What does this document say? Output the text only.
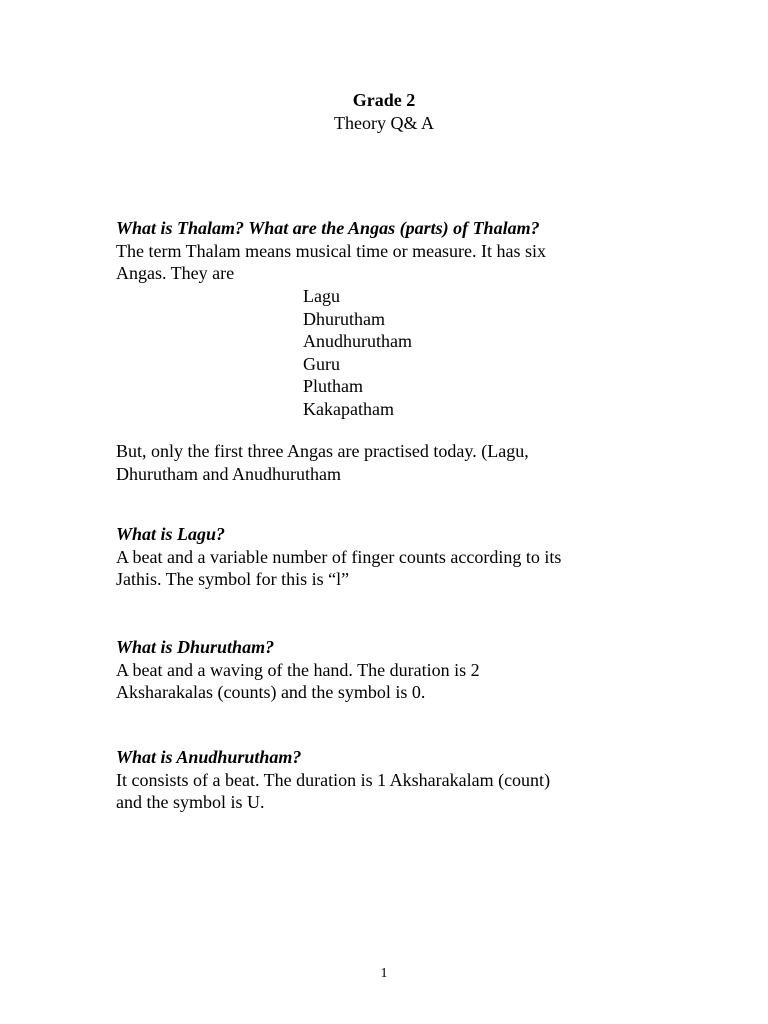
Grade 2
Theory Q& A
What is Thalam? What are the Angas (parts) of Thalam?
The term Thalam means musical time or measure. It has six
Angas. They are
Lagu
Dhurutham
Anudhurutham
Guru
Plutham
Kakapatham
But, only the first three Angas are practised today. (Lagu,
Dhurutham and Anudhurutham
What is Lagu?
A beat and a variable number of finger counts according to its
Jathis. The symbol for this is “l”
What is Dhurutham?
A beat and a waving of the hand. The duration is 2
Aksharakalas (counts) and the symbol is 0.
What is Anudhurutham?
It consists of a beat. The duration is 1 Aksharakalam (count)
and the symbol is U.
1
